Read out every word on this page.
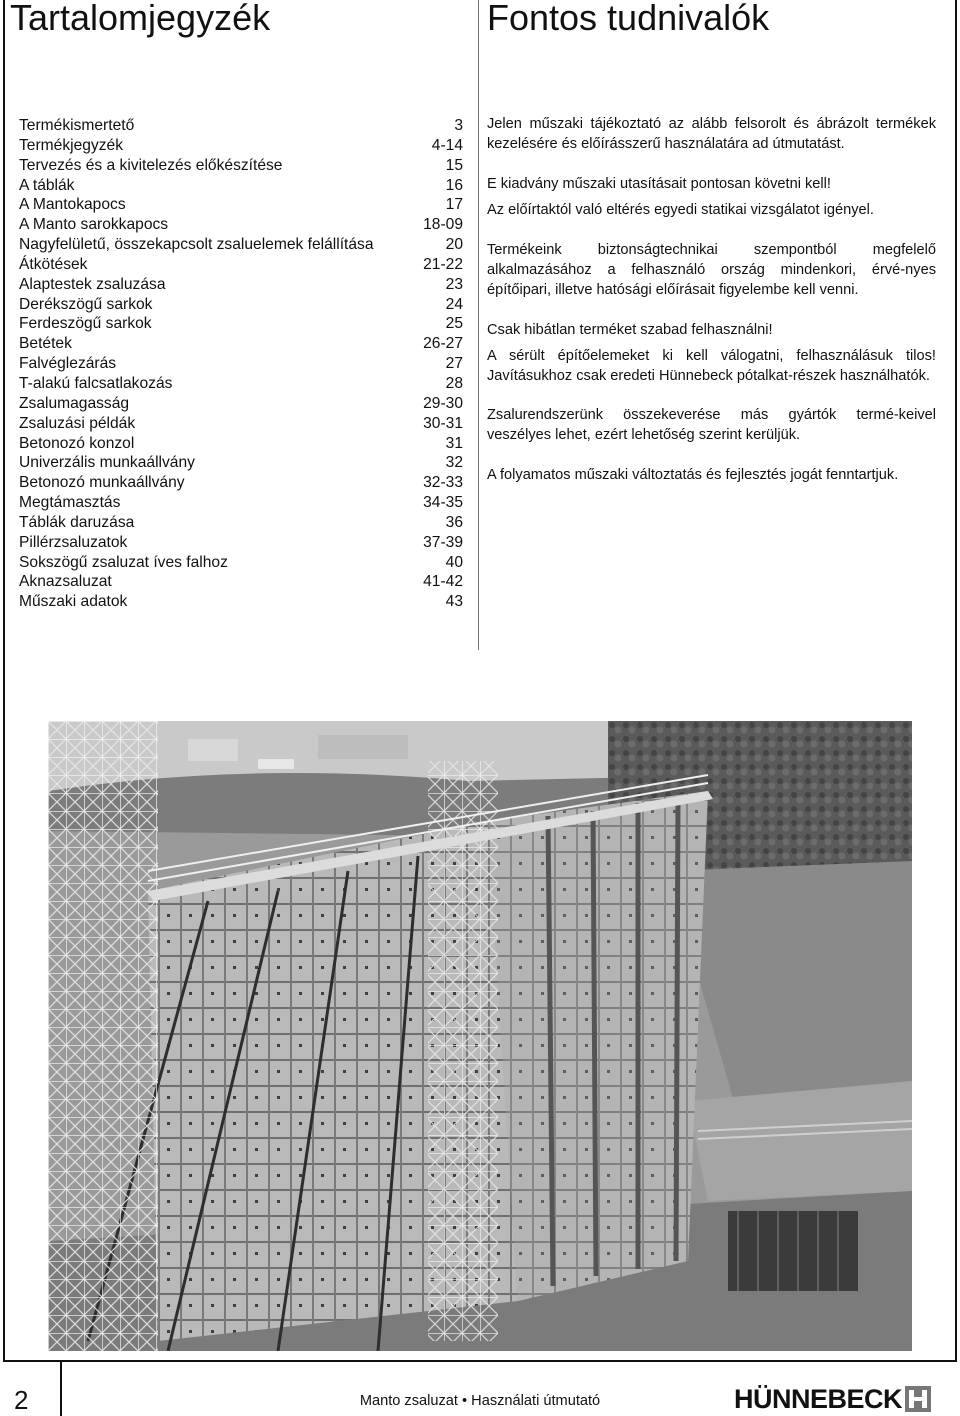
Tartalomjegyzék	Fontos tudnivalók
Termékismertető	3
Termékjegyzék	4-14
Tervezés és a kivitelezés előkészítése	15
A táblák	16
A Mantokapocs	17
A Manto sarokkapocs	18-09
Nagyfelületű, összekapcsolt zsaluelemek felállítása	20
Átkötések	21-22
Alaptestek zsaluzása	23
Derékszögű sarkok	24
Ferdeszögű sarkok	25
Betétek	26-27
Falvéglezárás	27
T-alakú falcsatlakozás	28
Zsalumagasság	29-30
Zsaluzási példák	30-31
Betonozó konzol	31
Univerzális munkaállvány	32
Betonozó munkaállvány	32-33
Megtámasztás	34-35
Táblák daruzása	36
Pillérzsaluzatok	37-39
Sokszögű zsaluzat íves falhoz	40
Aknazsaluzat	41-42
Műszaki adatok	43

Jelen műszaki tájékoztató az alább felsorolt és ábrázolt termékek kezelésére és előírásszerű használatára ad útmutatást.

E kiadvány műszaki utasításait pontosan követni kell!

Az előírtaktól való eltérés egyedi statikai vizsgálatot igényel.

Termékeink biztonságtechnikai szempontból megfelelő alkalmazásához a felhasználó ország mindenkori, érvé-nyes építőipari, illetve hatósági előírásait figyelembe kell venni.

Csak hibátlan terméket szabad felhasználni!

A sérült építőelemeket ki kell válogatni, felhasználásuk tilos! Javításukhoz csak eredeti Hünnebeck pótalkat-részek használhatók.

Zsalurendszerünk összekeverése más gyártók termé-keivel veszélyes lehet, ezért lehetőség szerint kerüljük.

A folyamatos műszaki változtatás és fejlesztés jogát fenntartjuk.

2	Manto zsaluzat • Használati útmutató	HÜNNEBECK
